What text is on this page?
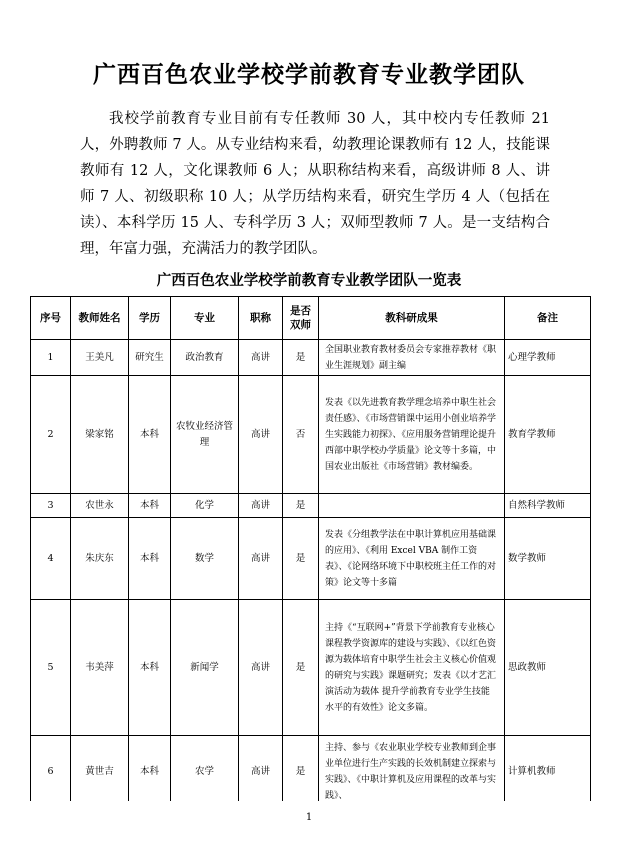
广西百色农业学校学前教育专业教学团队

我校学前教育专业目前有专任教师 30 人，其中校内专任教师 21 人，外聘教师 7 人。从专业结构来看，幼教理论课教师有 12 人，技能课教师有 12 人，文化课教师 6 人；从职称结构来看，高级讲师 8 人、讲师 7 人、初级职称 10 人；从学历结构来看，研究生学历 4 人（包括在读）、本科学历 15 人、专科学历 3 人；双师型教师 7 人。是一支结构合理，年富力强，充满活力的教学团队。

广西百色农业学校学前教育专业教学团队一览表
序号	教师姓名	学历	专业	职称	是否双师	教科研成果	备注
1	王美凡	研究生	政治教育	高讲	是	全国职业教育教材委员会专家推荐教材《职业生涯规划》副主编	心理学教师
2	梁家铭	本科	农牧业经济管理	高讲	否	发表《以先进教育教学理念培养中职生社会责任感》、《市场营销课中运用小创业培养学生实践能力初探》、《应用服务营销理论提升西部中职学校办学质量》论文等十多篇，中国农业出版社《市场营销》教材编委。	教育学教师
3	农世永	本科	化学	高讲	是		自然科学教师
4	朱庆东	本科	数学	高讲	是	发表《分组教学法在中职计算机应用基础课的应用》、《利用 Excel VBA 制作工资表》、《论网络环境下中职校班主任工作的对策》论文等十多篇	数学教师
5	韦美萍	本科	新闻学	高讲	是	主持《“互联网+”背景下学前教育专业核心课程教学资源库的建设与实践》、《以红色资源为载体培育中职学生社会主义核心价值观的研究与实践》课题研究；发表《以才艺汇演活动为载体 提升学前教育专业学生技能水平的有效性》论文多篇。	思政教师
6	黄世吉	本科	农学	高讲	是	主持、参与《农业职业学校专业教师到企事业单位进行生产实践的长效机制建立探索与实践》、《中职计算机及应用课程的改革与实践》、	计算机教师
1
